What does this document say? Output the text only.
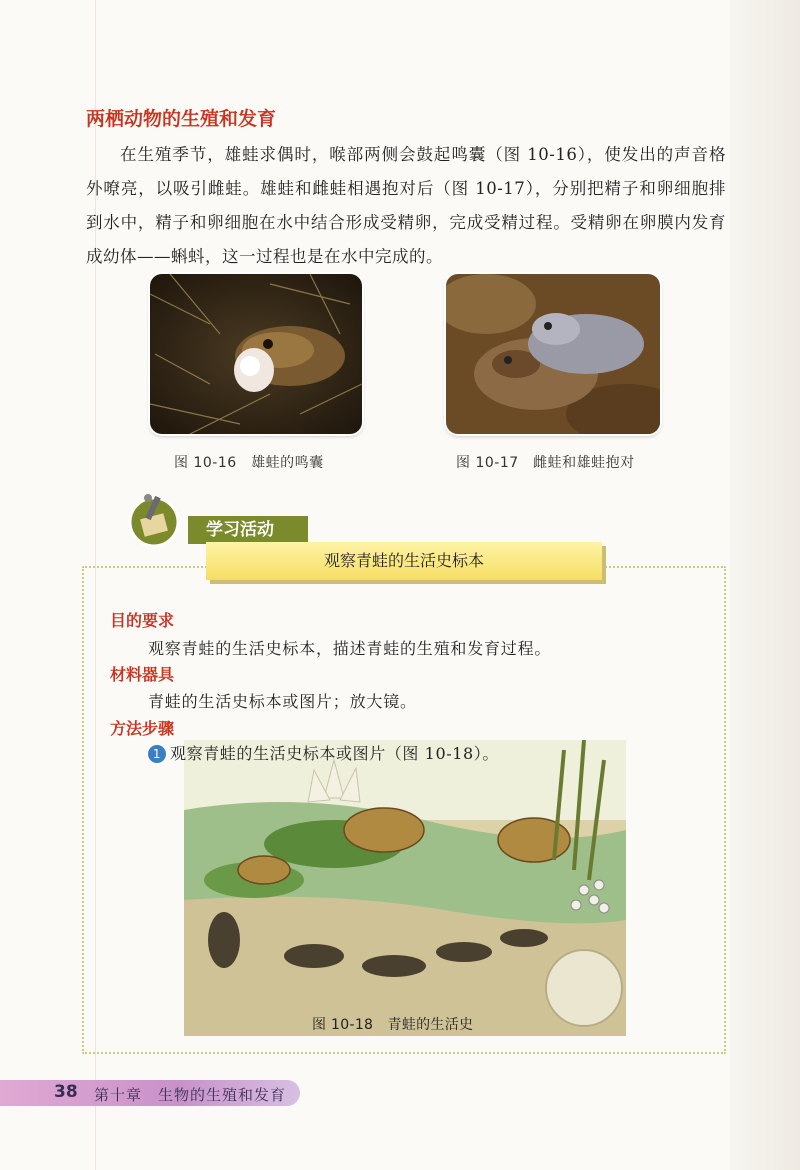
两栖动物的生殖和发育

在生殖季节，雄蛙求偶时，喉部两侧会鼓起鸣囊（图 10-16），使发出的声音格外嘹亮，以吸引雌蛙。雄蛙和雌蛙相遇抱对后（图 10-17），分别把精子和卵细胞排到水中，精子和卵细胞在水中结合形成受精卵，完成受精过程。受精卵在卵膜内发育成幼体——蝌蚪，这一过程也是在水中完成的。

图 10-16　雄蛙的鸣囊	图 10-17　雌蛙和雄蛙抱对
学习活动
观察青蛙的生活史标本
目的要求
观察青蛙的生活史标本，描述青蛙的生殖和发育过程。
材料器具
青蛙的生活史标本或图片；放大镜。
方法步骤
1 观察青蛙的生活史标本或图片（图 10-18）。
图 10-18　青蛙的生活史
38 第十章　生物的生殖和发育
